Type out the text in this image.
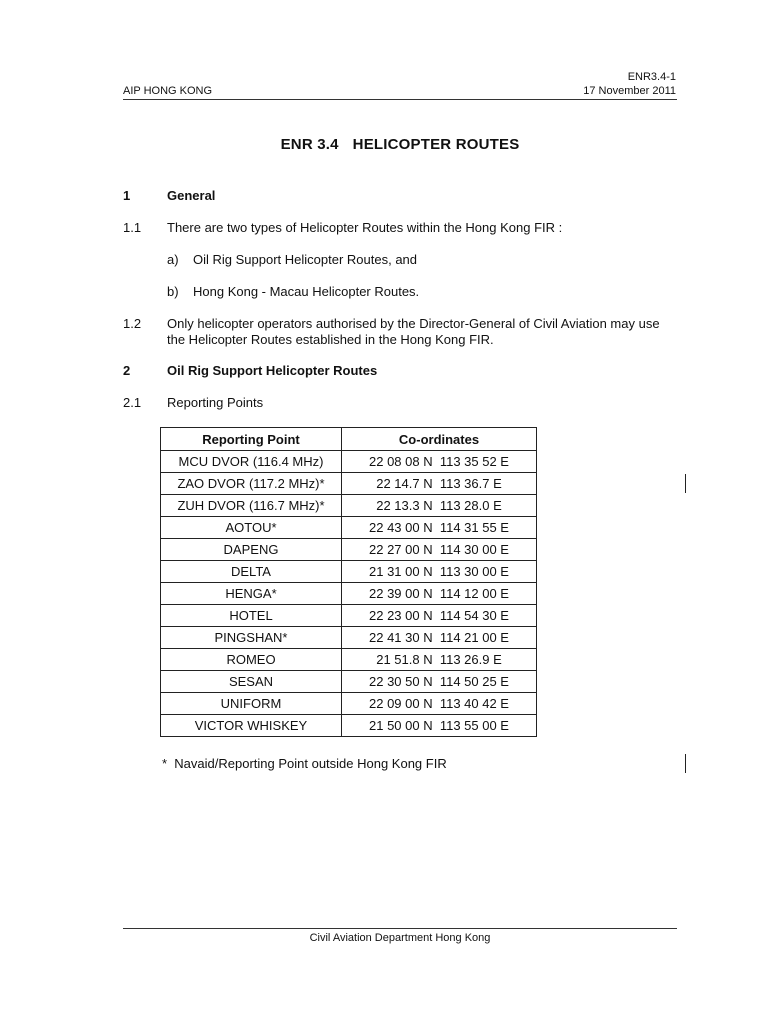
ENR3.4-1
AIP HONG KONG	17 November 2011
ENR 3.4 HELICOPTER ROUTES
1	General
1.1 There are two types of Helicopter Routes within the Hong Kong FIR :
a) Oil Rig Support Helicopter Routes, and
b) Hong Kong - Macau Helicopter Routes.
1.2 Only helicopter operators authorised by the Director-General of Civil Aviation may use
the Helicopter Routes established in the Hong Kong FIR.
2	Oil Rig Support Helicopter Routes
2.1 Reporting Points
Reporting Point	Co-ordinates
MCU DVOR (116.4 MHz)	22 08 08 N  113 35 52 E
ZAO DVOR (117.2 MHz)*	22 14.7 N  113 36.7 E
ZUH DVOR (116.7 MHz)*	22 13.3 N  113 28.0 E
AOTOU*	22 43 00 N  114 31 55 E
DAPENG	22 27 00 N  114 30 00 E
DELTA	21 31 00 N  113 30 00 E
HENGA*	22 39 00 N  114 12 00 E
HOTEL	22 23 00 N  114 54 30 E
PINGSHAN*	22 41 30 N  114 21 00 E
ROMEO	21 51.8 N  113 26.9 E
SESAN	22 30 50 N  114 50 25 E
UNIFORM	22 09 00 N  113 40 42 E
VICTOR WHISKEY	21 50 00 N  113 55 00 E
*  Navaid/Reporting Point outside Hong Kong FIR
Civil Aviation Department Hong Kong
